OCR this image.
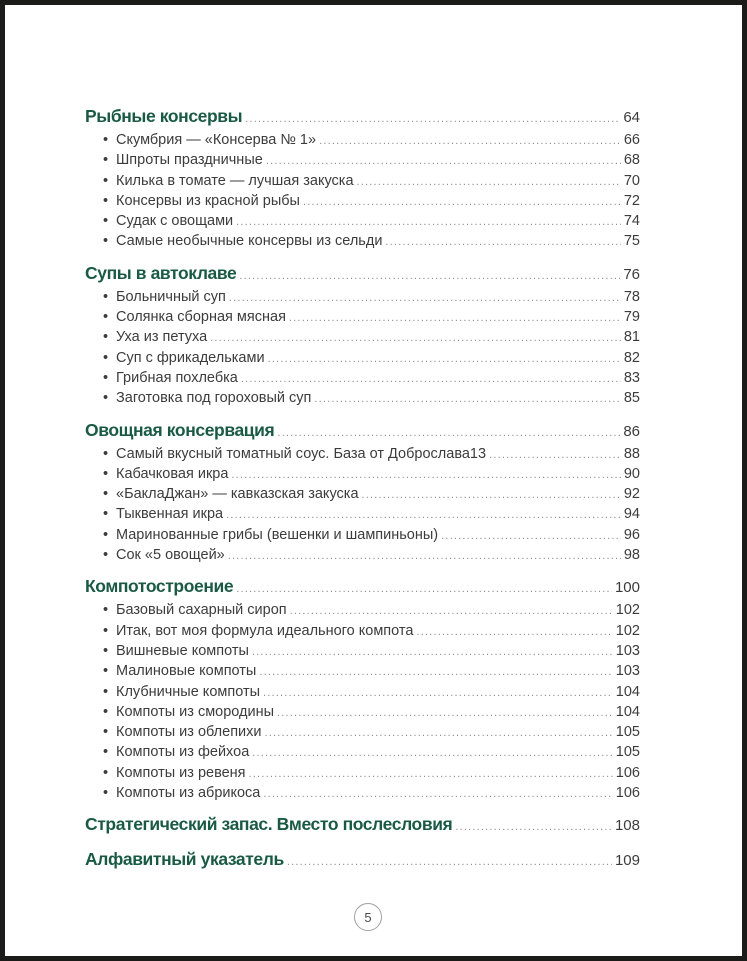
Рыбные консервы .....	64
• Скумбрия — «Консерва № 1» .....	66
• Шпроты праздничные .....	68
• Килька в томате — лучшая закуска .....	70
• Консервы из красной рыбы .....	72
• Судак с овощами .....	74
• Самые необычные консервы из сельди .....	75
Супы в автоклаве .....	76
• Больничный суп .....	78
• Солянка сборная мясная .....	79
• Уха из петуха .....	81
• Суп с фрикадельками .....	82
• Грибная похлебка .....	83
• Заготовка под гороховый суп .....	85
Овощная консервация .....	86
• Самый вкусный томатный соус. База от Доброслава13 .....	88
• Кабачковая икра .....	90
• «БаклаДжан» — кавказская закуска .....	92
• Тыквенная икра .....	94
• Маринованные грибы (вешенки и шампиньоны) .....	96
• Сок «5 овощей» .....	98
Компотостроение .....	100
• Базовый сахарный сироп .....	102
• Итак, вот моя формула идеального компота .....	102
• Вишневые компоты .....	103
• Малиновые компоты .....	103
• Клубничные компоты .....	104
• Компоты из смородины .....	104
• Компоты из облепихи .....	105
• Компоты из фейхоа .....	105
• Компоты из ревеня .....	106
• Компоты из абрикоса .....	106
Стратегический запас. Вместо послесловия .....	108
Алфавитный указатель .....	109
5
